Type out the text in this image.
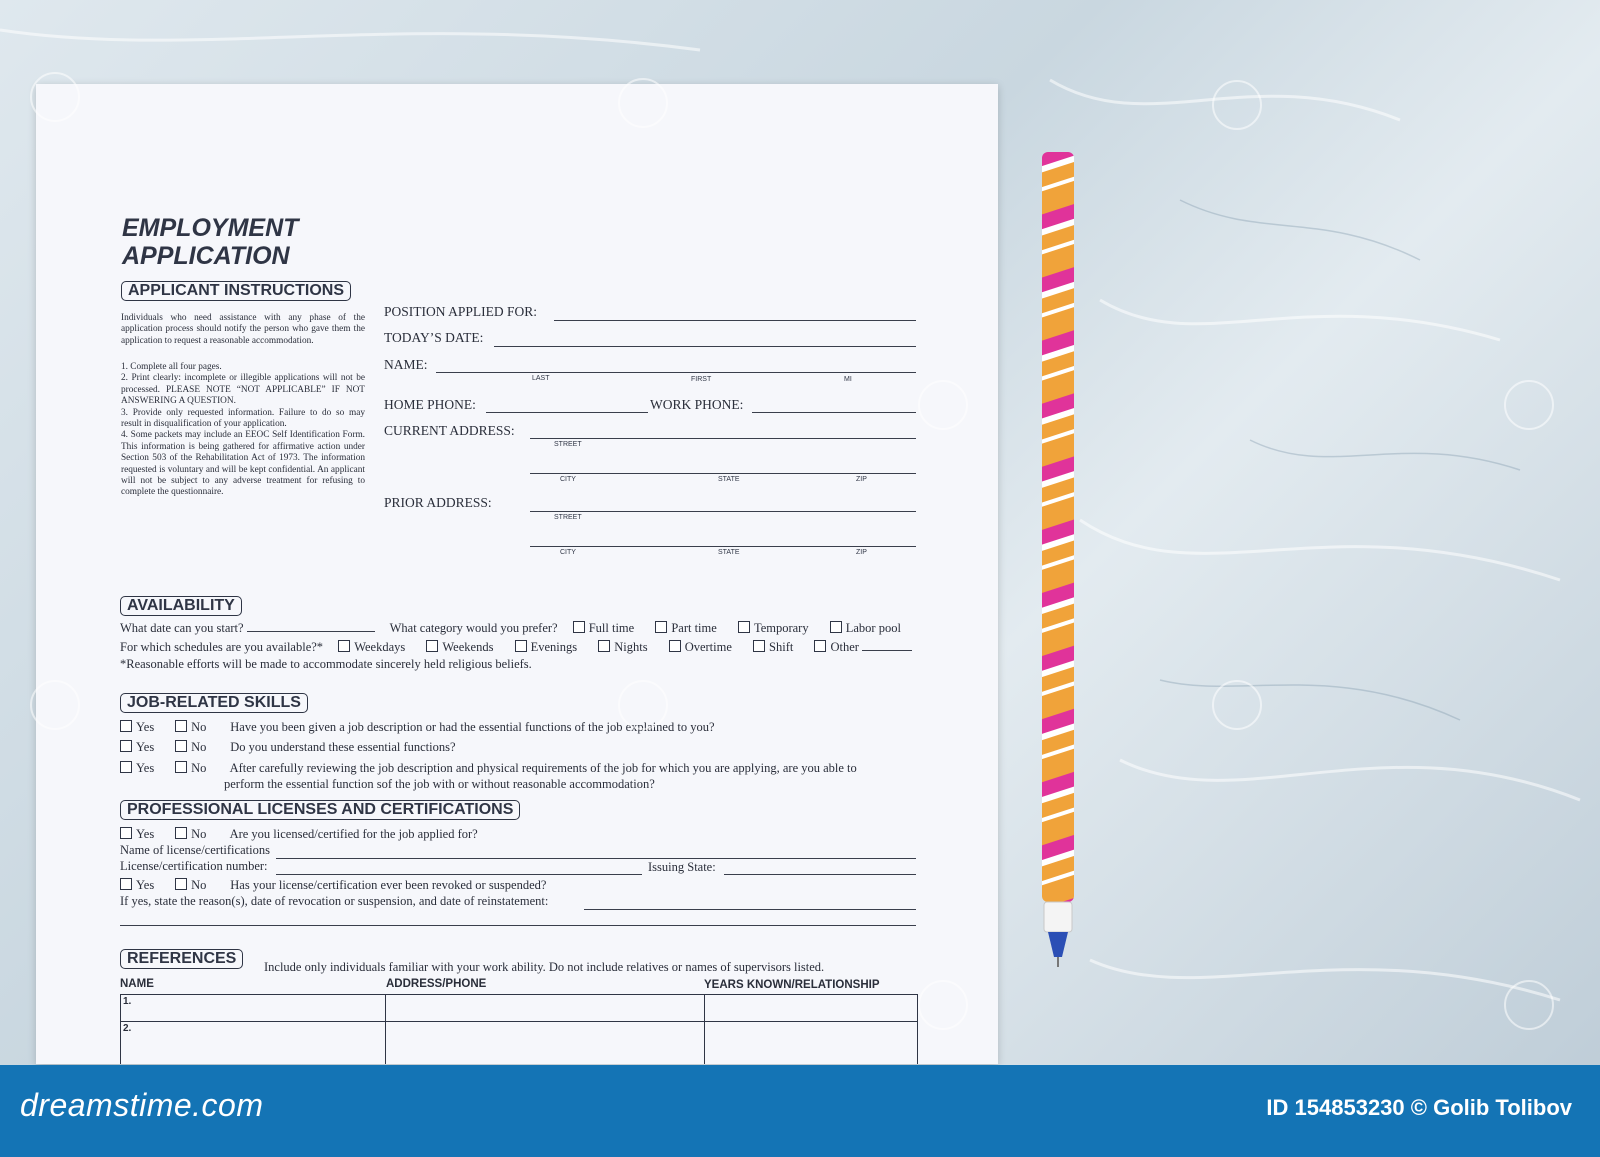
EMPLOYMENT
APPLICATION
APPLICANT INSTRUCTIONS
Individuals who need assistance with any phase of the application process should notify the person who gave them the application to request a reasonable accommodation.
1. Complete all four pages.
2. Print clearly: incomplete or illegible applications will not be processed. PLEASE NOTE “NOT APPLICABLE” IF NOT ANSWERING A QUESTION.
3. Provide only requested information. Failure to do so may result in disqualification of your application.
4. Some packets may include an EEOC Self Identification Form. This information is being gathered for affirmative action under Section 503 of the Rehabilitation Act of 1973. The information requested is voluntary and will be kept confidential. An applicant will not be subject to any adverse treatment for refusing to complete the questionnaire.
POSITION APPLIED FOR:
TODAY’S DATE:
NAME:
LAST	FIRST	MI
HOME PHONE:	WORK PHONE:
CURRENT ADDRESS:
STREET
CITY	STATE	ZIP
PRIOR ADDRESS:
STREET
CITY	STATE	ZIP
AVAILABILITY
What date can you start?	What category would you prefer? Full time	Part time	Temporary	Labor pool
For which schedules are you available?* Weekdays	Weekends	Evenings	Nights	Overtime	Shift	Other
*Reasonable efforts will be made to accommodate sincerely held religious beliefs.
JOB-RELATED SKILLS
Yes	No Have you been given a job description or had the essential functions of the job explained to you?
Yes	No Do you understand these essential functions?
Yes	No After carefully reviewing the job description and physical requirements of the job for which you are applying, are you able to
perform the essential function sof the job with or without reasonable accommodation?
PROFESSIONAL LICENSES AND CERTIFICATIONS
Yes	No Are you licensed/certified for the job applied for?
Name of license/certifications
License/certification number:	Issuing State:
Yes	No Has your license/certification ever been revoked or suspended?
If yes, state the reason(s), date of revocation or suspension, and date of reinstatement:
REFERENCES	Include only individuals familiar with your work ability. Do not include relatives or names of supervisors listed.
NAME	ADDRESS/PHONE	YEARS KNOWN/RELATIONSHIP
1.
2.
dreamstime.com	ID 154853230 © Golib Tolibov
